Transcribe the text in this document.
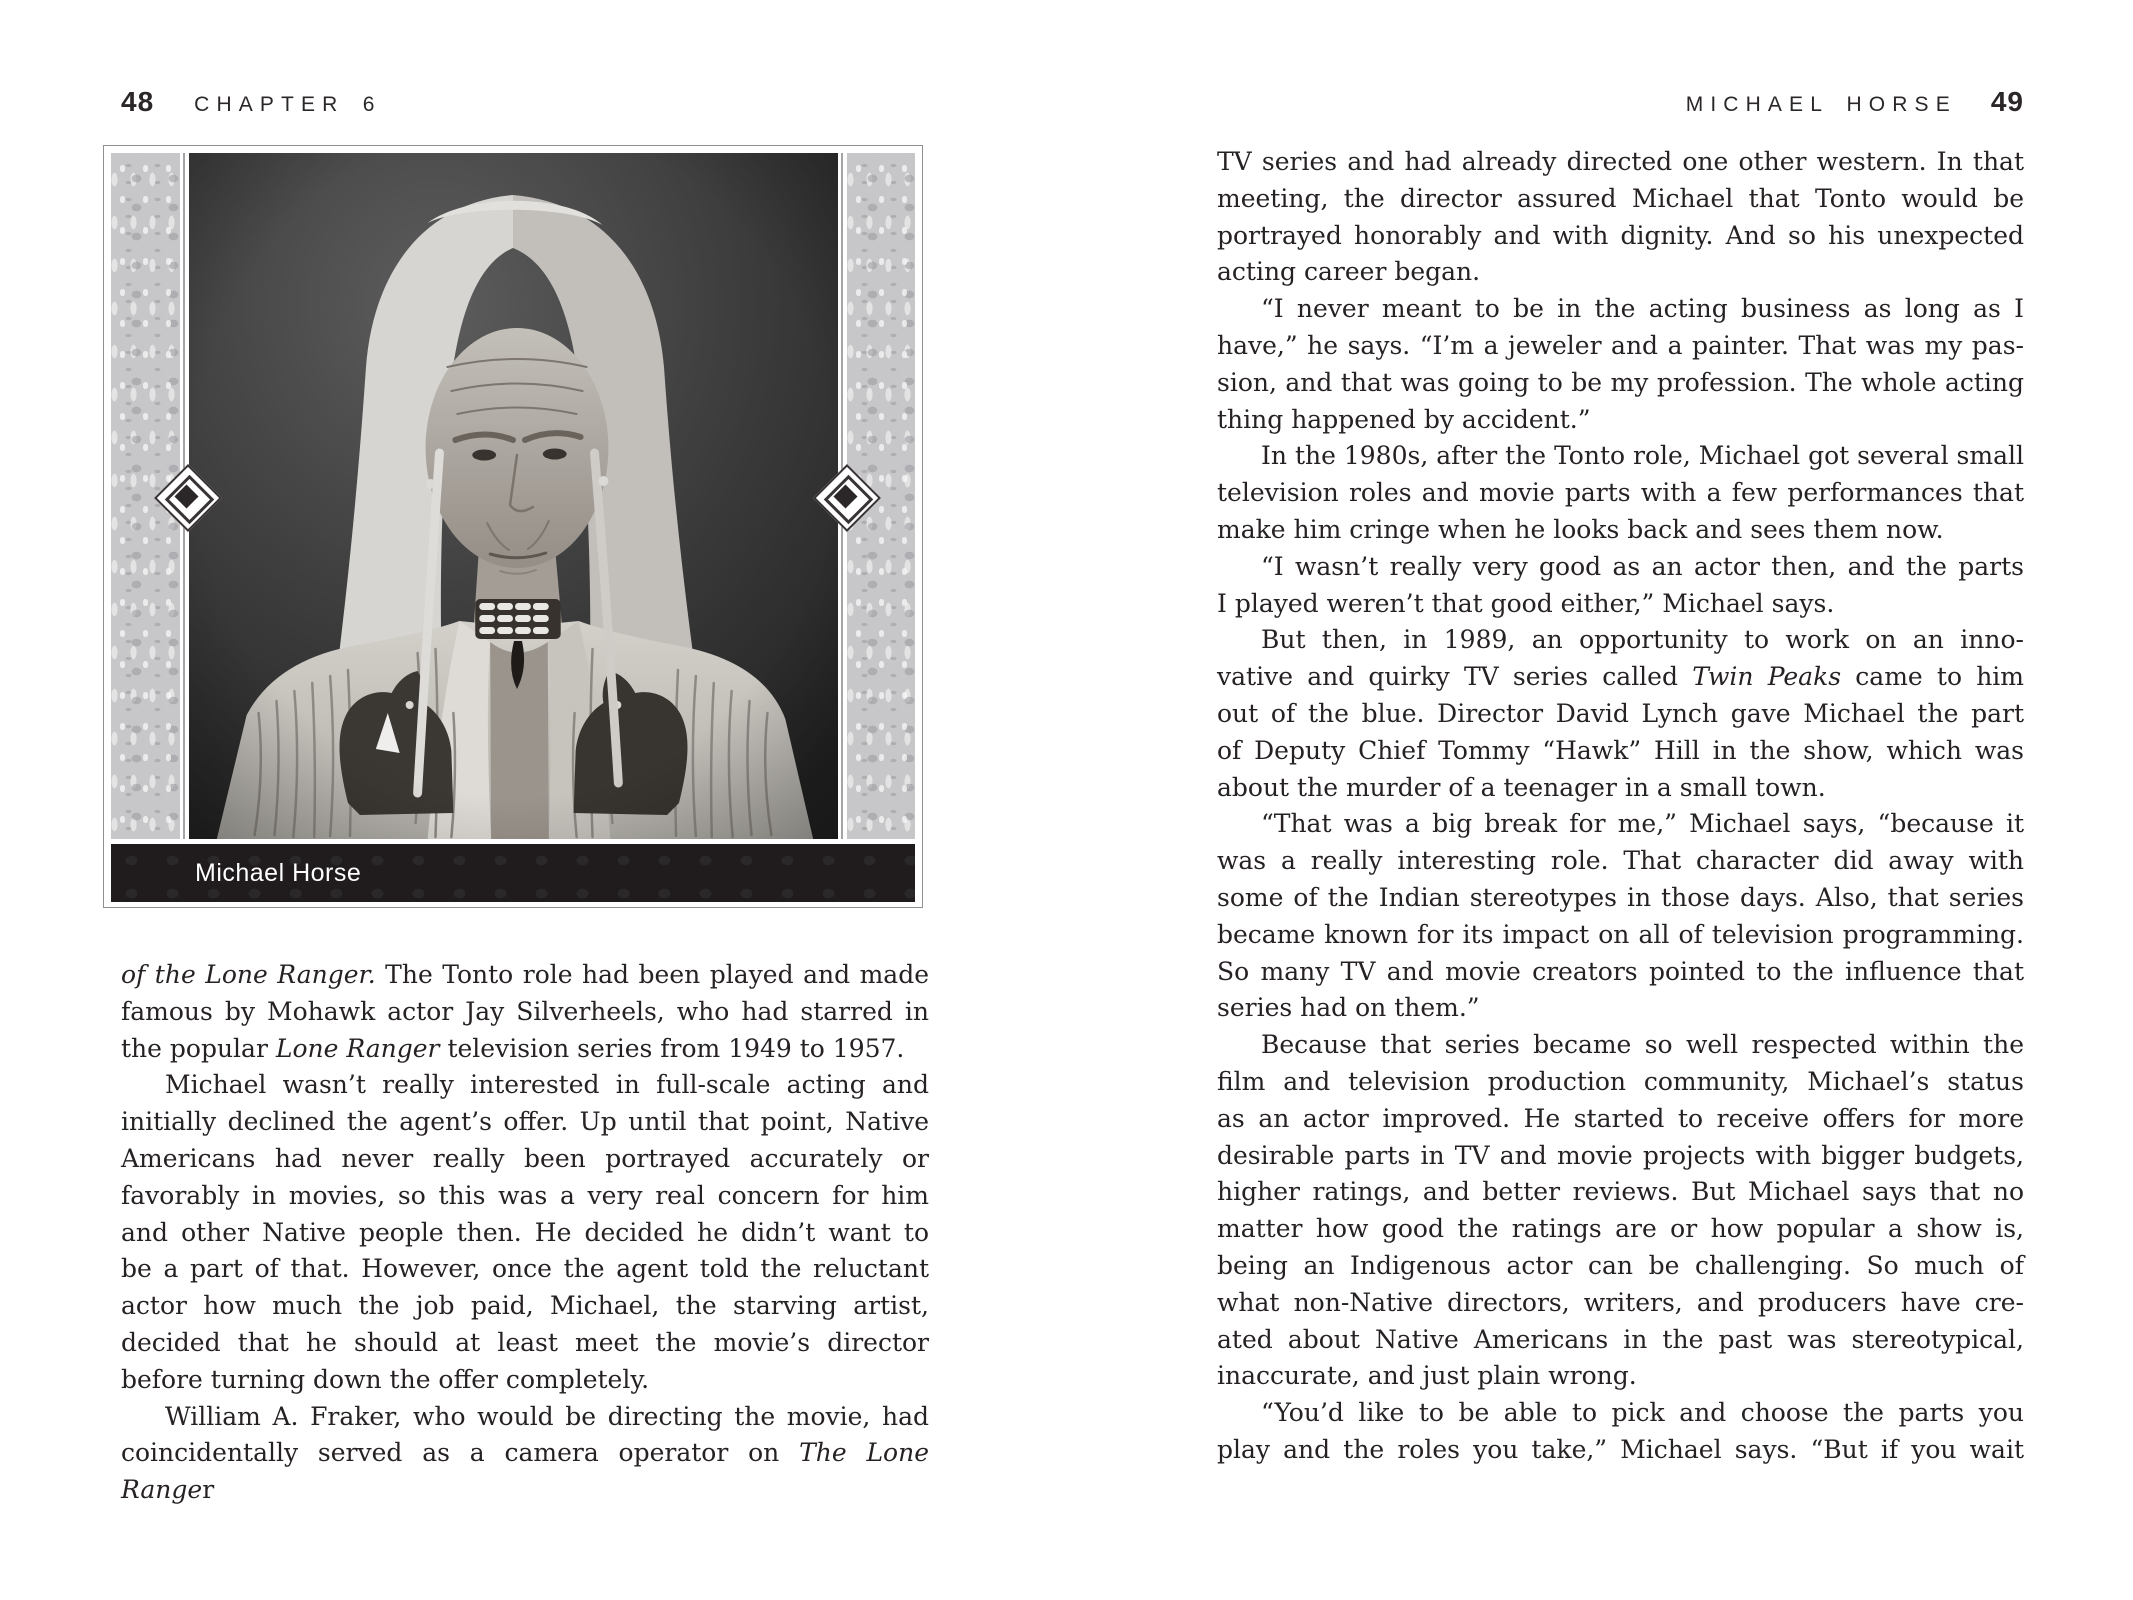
48 CHAPTER 6
Michael Horse
of the Lone Ranger. The Tonto role had been played and made
famous by Mohawk actor Jay Silverheels, who had starred in
the popular Lone Ranger television series from 1949 to 1957.
Michael wasn’t really interested in full-scale acting and
initially declined the agent’s offer. Up until that point, Native
Americans had never really been portrayed accurately or
favorably in movies, so this was a very real concern for him
and other Native people then. He decided he didn’t want to
be a part of that. However, once the agent told the reluctant
actor how much the job paid, Michael, the starving artist,
decided that he should at least meet the movie’s director
before turning down the offer completely.
William A. Fraker, who would be directing the movie, had
coincidentally served as a camera operator on The Lone Ranger
MICHAEL HORSE 49
TV series and had already directed one other western. In that
meeting, the director assured Michael that Tonto would be
portrayed honorably and with dignity. And so his unexpected
acting career began.
“I never meant to be in the acting business as long as I
have,” he says. “I’m a jeweler and a painter. That was my pas-
sion, and that was going to be my profession. The whole acting
thing happened by accident.”
In the 1980s, after the Tonto role, Michael got several small
television roles and movie parts with a few performances that
make him cringe when he looks back and sees them now.
“I wasn’t really very good as an actor then, and the parts
I played weren’t that good either,” Michael says.
But then, in 1989, an opportunity to work on an inno-
vative and quirky TV series called Twin Peaks came to him
out of the blue. Director David Lynch gave Michael the part
of Deputy Chief Tommy “Hawk” Hill in the show, which was
about the murder of a teenager in a small town.
“That was a big break for me,” Michael says, “because it
was a really interesting role. That character did away with
some of the Indian stereotypes in those days. Also, that series
became known for its impact on all of television programming.
So many TV and movie creators pointed to the influence that
series had on them.”
Because that series became so well respected within the
film and television production community, Michael’s status
as an actor improved. He started to receive offers for more
desirable parts in TV and movie projects with bigger budgets,
higher ratings, and better reviews. But Michael says that no
matter how good the ratings are or how popular a show is,
being an Indigenous actor can be challenging. So much of
what non-Native directors, writers, and producers have cre-
ated about Native Americans in the past was stereotypical,
inaccurate, and just plain wrong.
“You’d like to be able to pick and choose the parts you
play and the roles you take,” Michael says. “But if you wait
